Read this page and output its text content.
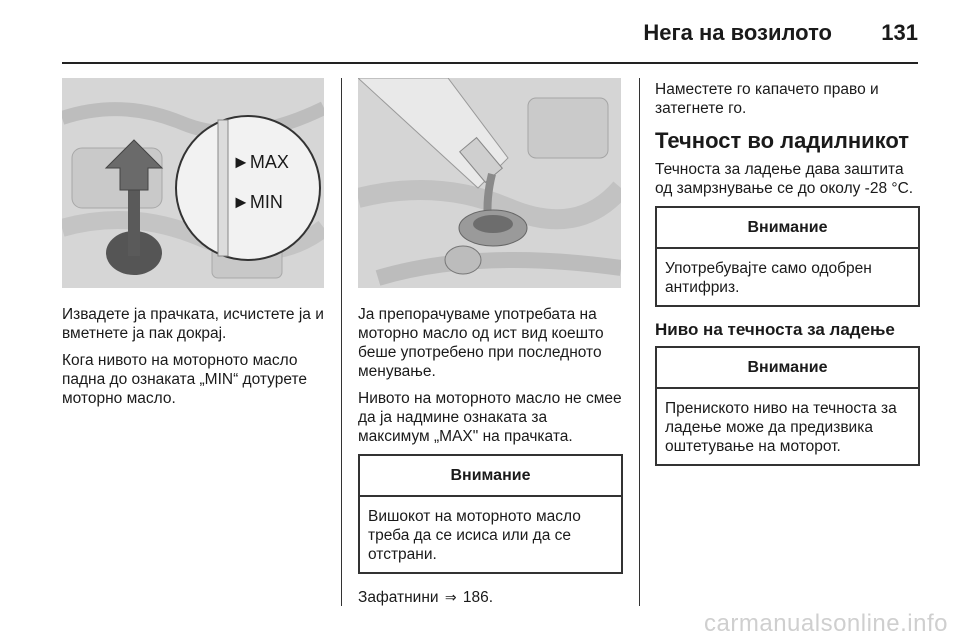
Нега на возилото 131
►MAX
►MIN

Извадете ја прачката, исчистете ја и вметнете ја пак докрај.

Кога нивото на моторното масло падна до ознаката „MIN“ дотурете моторно масло.

Ја препорачуваме употребата на моторно масло од ист вид коешто беше употребено при последното менување.

Нивото на моторното масло не смее да ја надмине ознаката за максимум „MAX" на прачката.

Внимание
Вишокот на моторното масло треба да се исиса или да се отстрани.

Зафатнини ⇒ 186.

Наместете го капачето право и затегнете го.

Течност во ладилникот

Течноста за ладење дава заштита од замрзнување се до околу -28 °C.

Внимание
Употребувајте само одобрен антифриз.
Ниво на течноста за ладење
Внимание
Прениското ниво на течноста за ладење може да предизвика оштетување на моторот.
carmanualsonline.info
